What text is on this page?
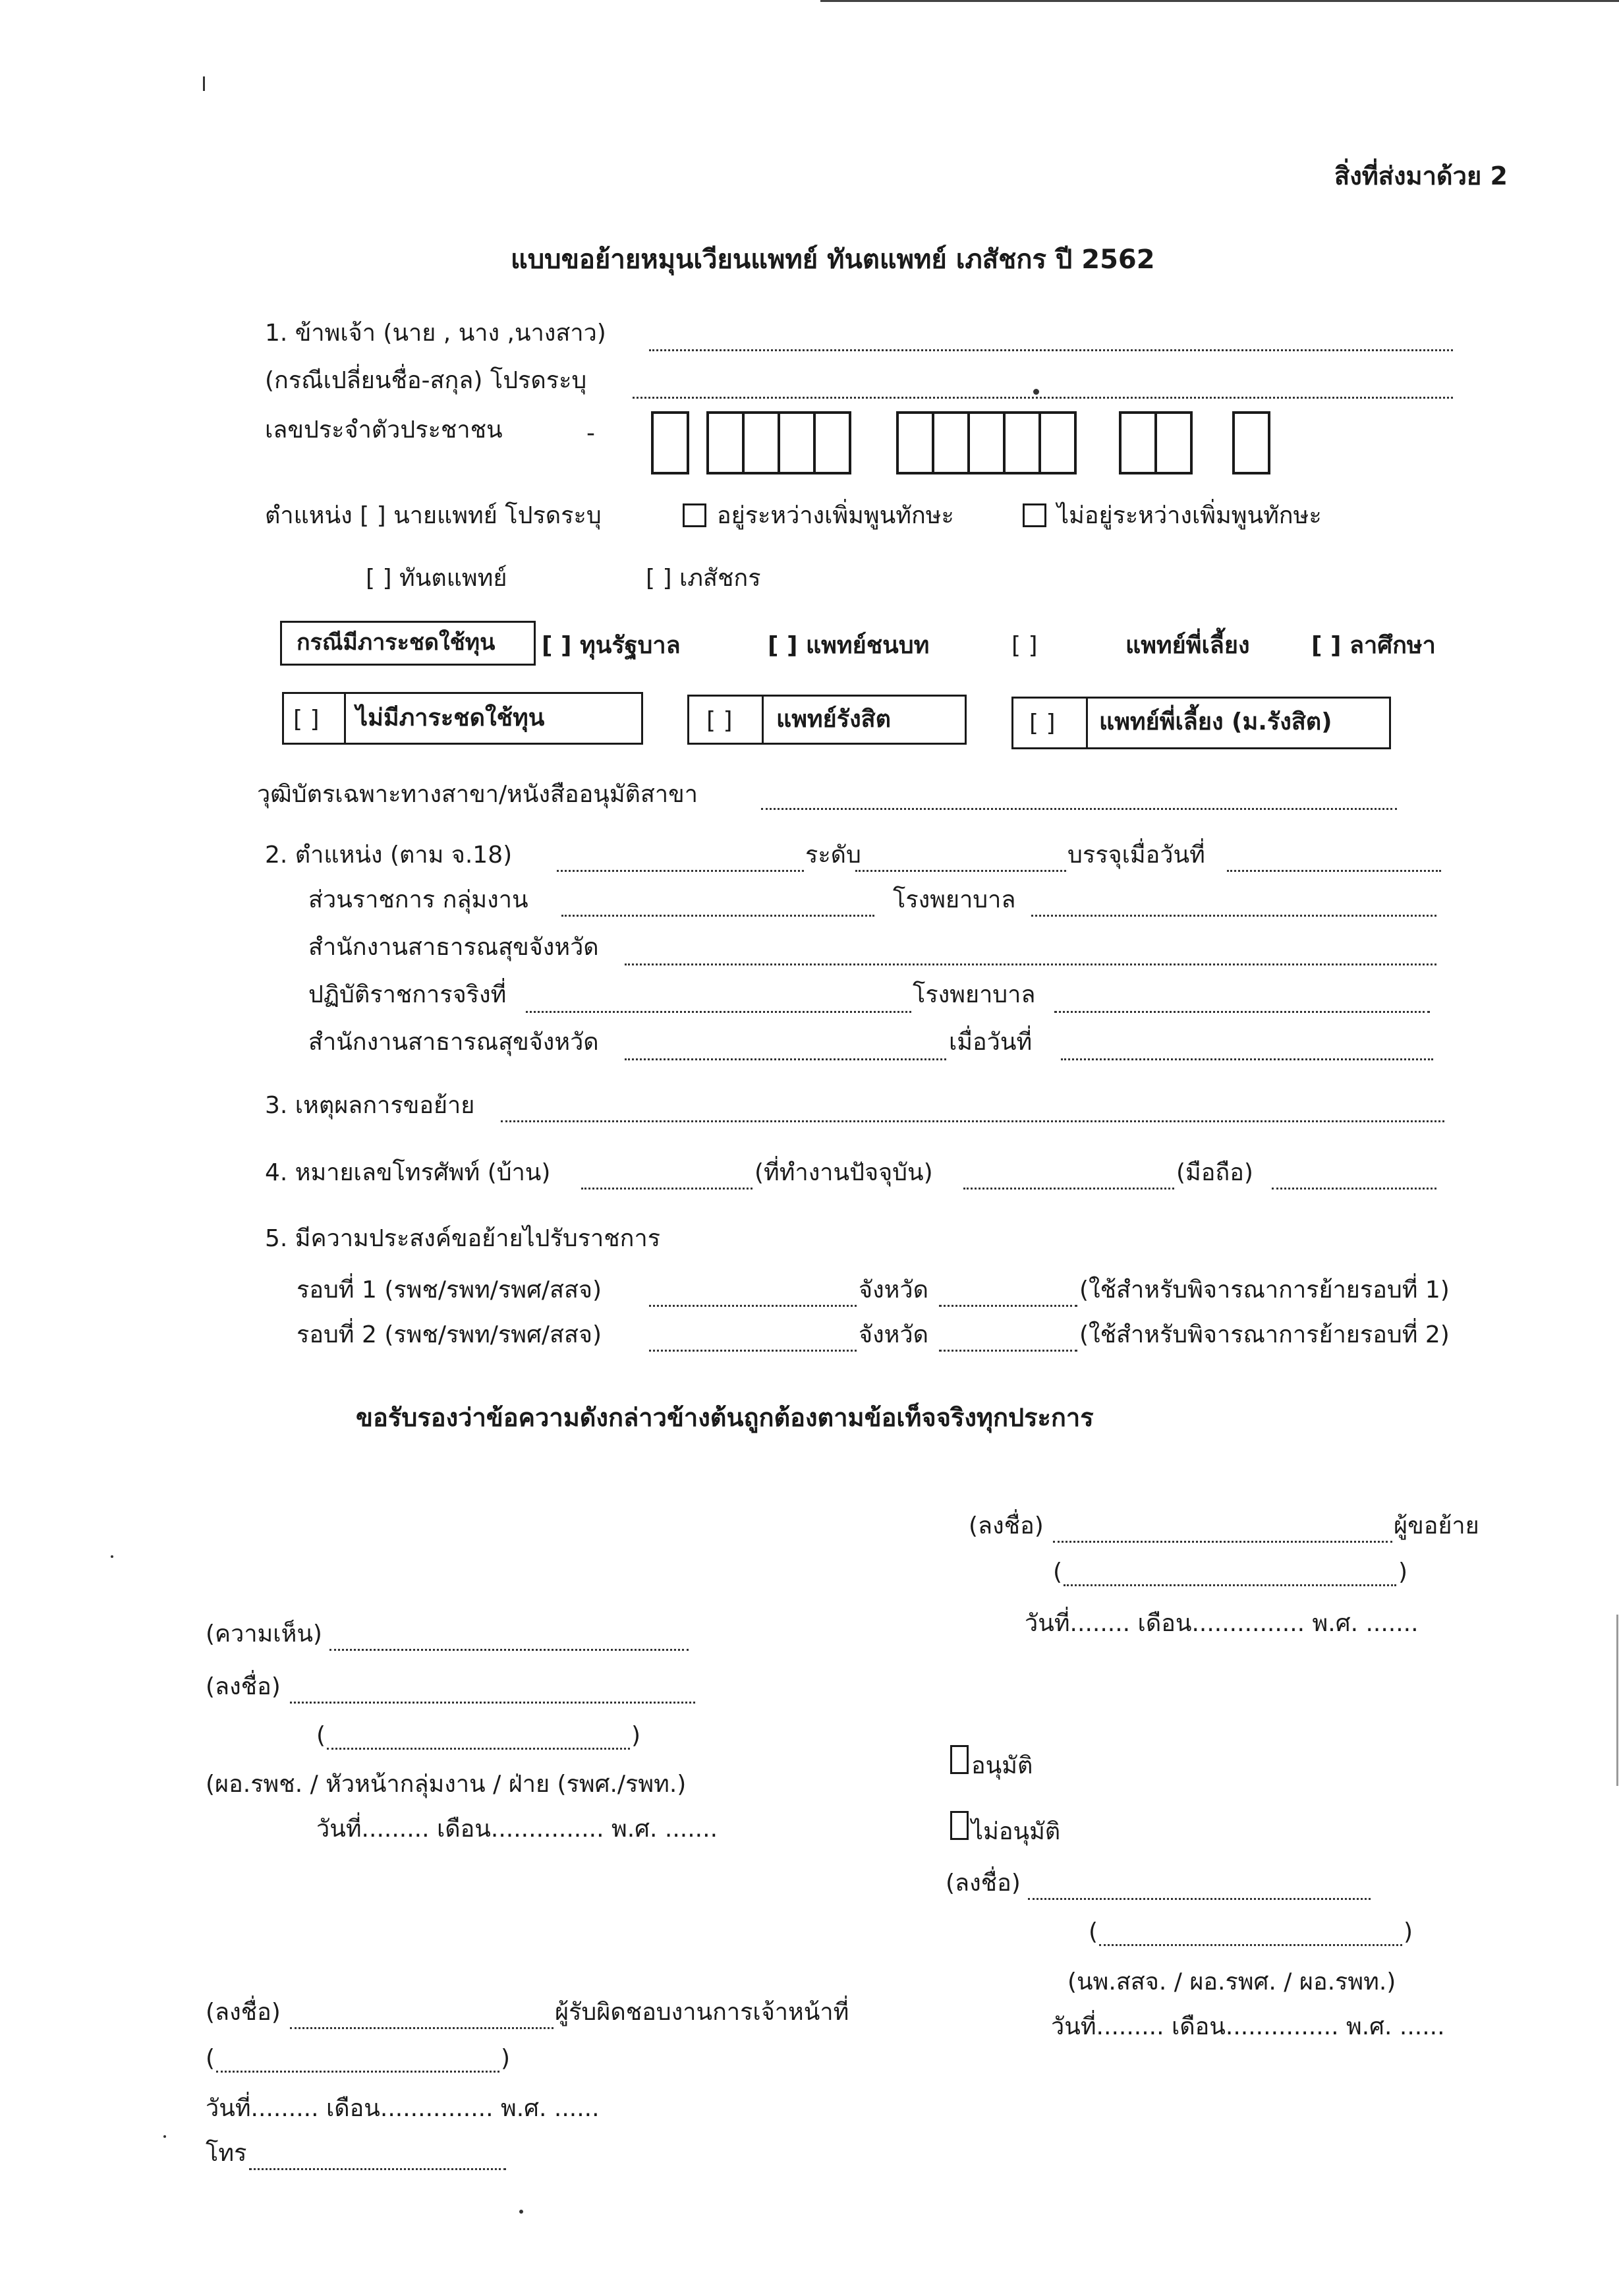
สิ่งที่ส่งมาด้วย 2
แบบขอย้ายหมุนเวียนแพทย์ ทันตแพทย์ เภสัชกร ปี 2562
1. ข้าพเจ้า (นาย , นาง ,นางสาว)
(กรณีเปลี่ยนชื่อ-สกุล) โปรดระบุ
เลขประจำตัวประชาชน	-
ตำแหน่ง [ ] นายแพทย์ โปรดระบุ	อยู่ระหว่างเพิ่มพูนทักษะ	ไม่อยู่ระหว่างเพิ่มพูนทักษะ
[ ] ทันตแพทย์	[ ] เภสัชกร
กรณีมีภาระชดใช้ทุน [ ] ทุนรัฐบาล	[ ] แพทย์ชนบท	[ ]	แพทย์พี่เลี้ยง	[ ] ลาศึกษา
[ ] ไม่มีภาระชดใช้ทุน	[ ] แพทย์รังสิต	[ ] แพทย์พี่เลี้ยง (ม.รังสิต)
วุฒิบัตรเฉพาะทางสาขา/หนังสืออนุมัติสาขา
2. ตำแหน่ง (ตาม จ.18)	ระดับ	บรรจุเมื่อวันที่
ส่วนราชการ กลุ่มงาน	โรงพยาบาล
สำนักงานสาธารณสุขจังหวัด
ปฏิบัติราชการจริงที่	โรงพยาบาล
สำนักงานสาธารณสุขจังหวัด	เมื่อวันที่
3. เหตุผลการขอย้าย
4. หมายเลขโทรศัพท์ (บ้าน)	(ที่ทำงานปัจจุบัน)	(มือถือ)
5. มีความประสงค์ขอย้ายไปรับราชการ
รอบที่ 1 (รพช/รพท/รพศ/สสจ)	จังหวัด	(ใช้สำหรับพิจารณาการย้ายรอบที่ 1)
รอบที่ 2 (รพช/รพท/รพศ/สสจ)	จังหวัด	(ใช้สำหรับพิจารณาการย้ายรอบที่ 2)
ขอรับรองว่าข้อความดังกล่าวข้างต้นถูกต้องตามข้อเท็จจริงทุกประการ
(ลงชื่อ)	ผู้ขอย้าย
(	)
วันที่........ เดือน............... พ.ศ. .......
(ความเห็น)
(ลงชื่อ)
(	)
(ผอ.รพช. / หัวหน้ากลุ่มงาน / ฝ่าย (รพศ./รพท.)
วันที่......... เดือน............... พ.ศ. .......
อนุมัติ
ไม่อนุมัติ
(ลงชื่อ)
(	)
(นพ.สสจ. / ผอ.รพศ. / ผอ.รพท.)
วันที่......... เดือน............... พ.ศ. ......
(ลงชื่อ)	ผู้รับผิดชอบงานการเจ้าหน้าที่
(	)
วันที่......... เดือน............... พ.ศ. ......
โทร
